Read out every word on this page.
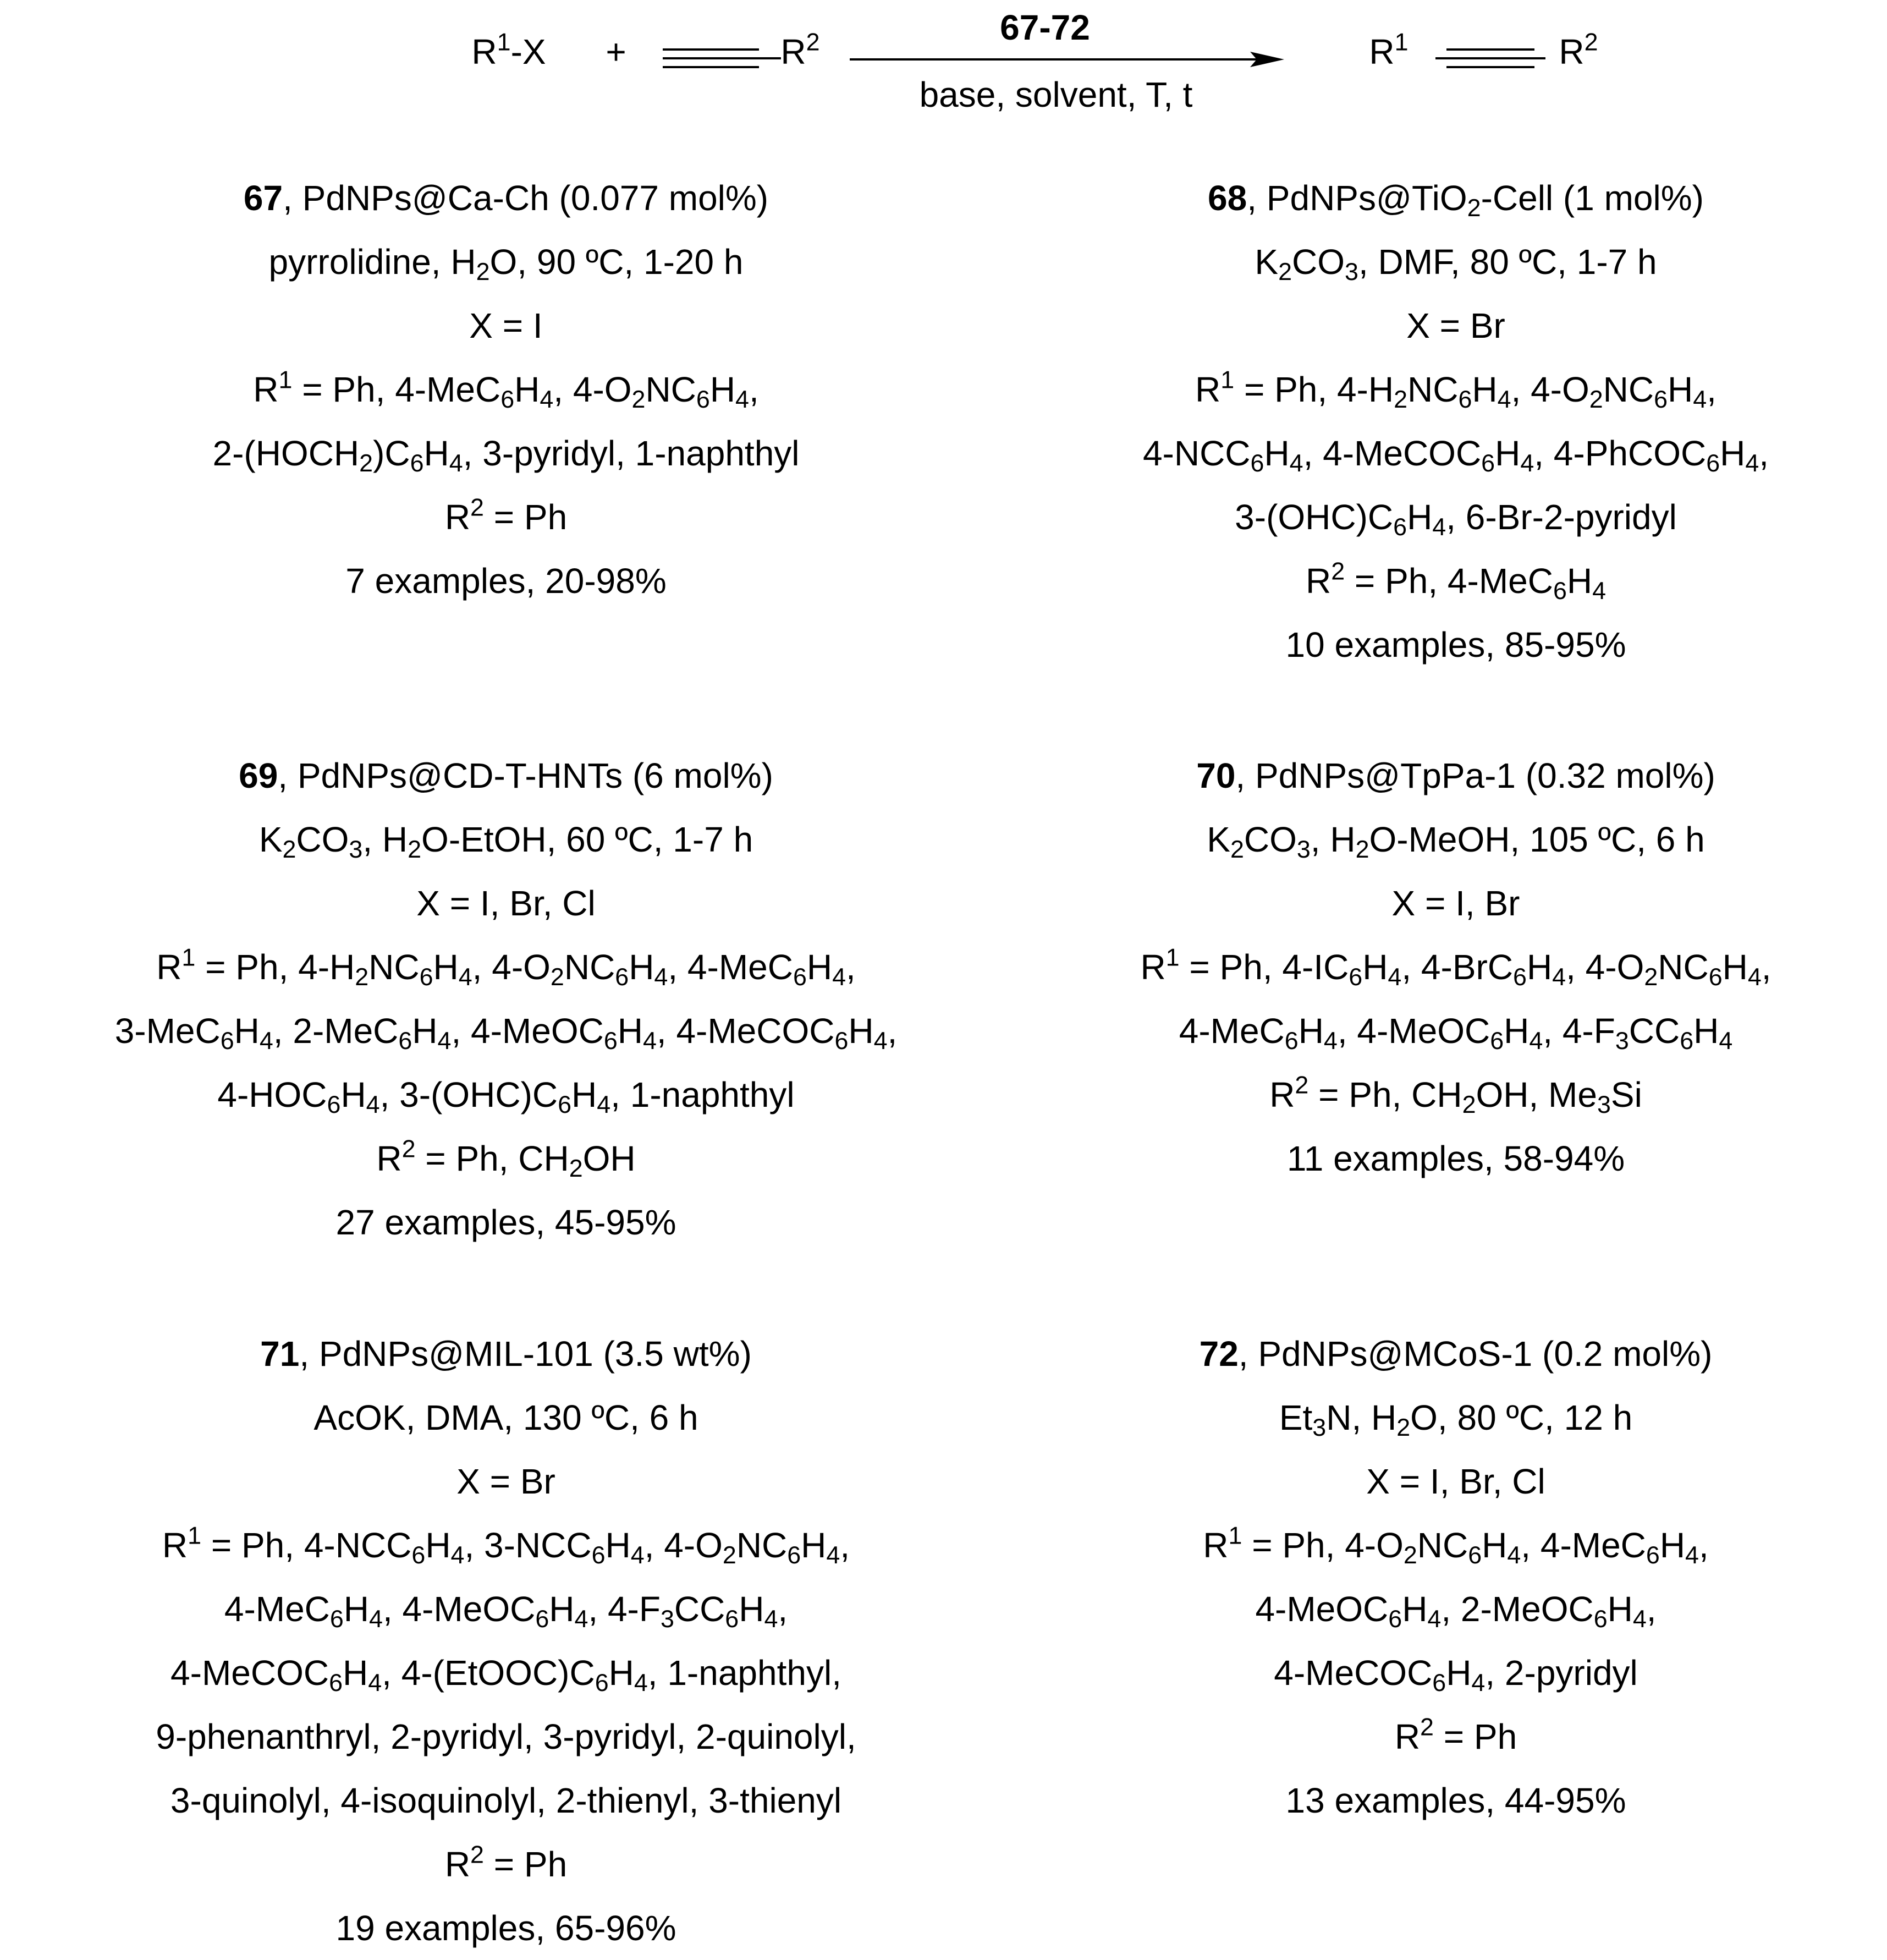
$R^1-X$ +	$R^2$	67-72
base, solvent, T, t
$R^1$	$R^2$
67, PdNPs@Ca-Ch (0.077 mol%)
pyrrolidine, $H_2O$, 90 ºC, 1-20 h
X = I
$R^1 = Ph$, $4-MeC_6H_4$, $4-O_2NC_6H_4$,
$2-(HOCH_2)C_6H_4$, 3-pyridyl, 1-naphthyl
$R^2 = Ph$
7 examples, 20-98%
68, PdNPs@TiO$_2$-Cell (1 mol%)
$K_2CO_3$, DMF, 80 ºC, 1-7 h
X = Br
$R^1 = Ph$, $4-H_2NC_6H_4$, $4-O_2NC_6H_4$,
$4-NCC_6H_4$, $4-MeCOC_6H_4$, $4-PhCOC_6H_4$,
$3-(OHC)C_6H_4$, 6-Br-2-pyridyl
$R^2 = Ph$, $4-MeC_6H_4$
10 examples, 85-95%
69, PdNPs@CD-T-HNTs (6 mol%)
$K_2CO_3$, $H_2O$-EtOH, 60 ºC, 1-7 h
X = I, Br, Cl
$R^1 = Ph$, $4-H_2NC_6H_4$, $4-O_2NC_6H_4$, $4-MeC_6H_4$,
$3-MeC_6H_4$, $2-MeC_6H_4$, $4-MeOC_6H_4$, $4-MeCOC_6H_4$,
$4-HOC_6H_4$, $3-(OHC)C_6H_4$, 1-naphthyl
$R^2 = Ph$, $CH_2OH$
27 examples, 45-95%
70, PdNPs@TpPa-1 (0.32 mol%)
$K_2CO_3$, $H_2O$-MeOH, 105 ºC, 6 h
X = I, Br
$R^1 = Ph$, $4-IC_6H_4$, $4-BrC_6H_4$, $4-O_2NC_6H_4$,
$4-MeC_6H_4$, $4-MeOC_6H_4$, $4-F_3CC_6H_4$
$R^2 = Ph$, $CH_2OH$, $Me_3Si$
11 examples, 58-94%
71, PdNPs@MIL-101 (3.5 wt%)
AcOK, DMA, 130 ºC, 6 h
X = Br
$R^1 = Ph$, $4-NCC_6H_4$, $3-NCC_6H_4$, $4-O_2NC_6H_4$,
$4-MeC_6H_4$, $4-MeOC_6H_4$, $4-F_3CC_6H_4$,
$4-MeCOC_6H_4$, $4-(EtOOC)C_6H_4$, 1-naphthyl,
9-phenanthryl, 2-pyridyl, 3-pyridyl, 2-quinolyl,
3-quinolyl, 4-isoquinolyl, 2-thienyl, 3-thienyl
$R^2 = Ph$
19 examples, 65-96%
72, PdNPs@MCoS-1 (0.2 mol%)
$Et_3N$, $H_2O$, 80 ºC, 12 h
X = I, Br, Cl
$R^1 = Ph$, $4-O_2NC_6H_4$, $4-MeC_6H_4$,
$4-MeOC_6H_4$, $2-MeOC_6H_4$,
$4-MeCOC_6H_4$, 2-pyridyl
$R^2 = Ph$
13 examples, 44-95%
